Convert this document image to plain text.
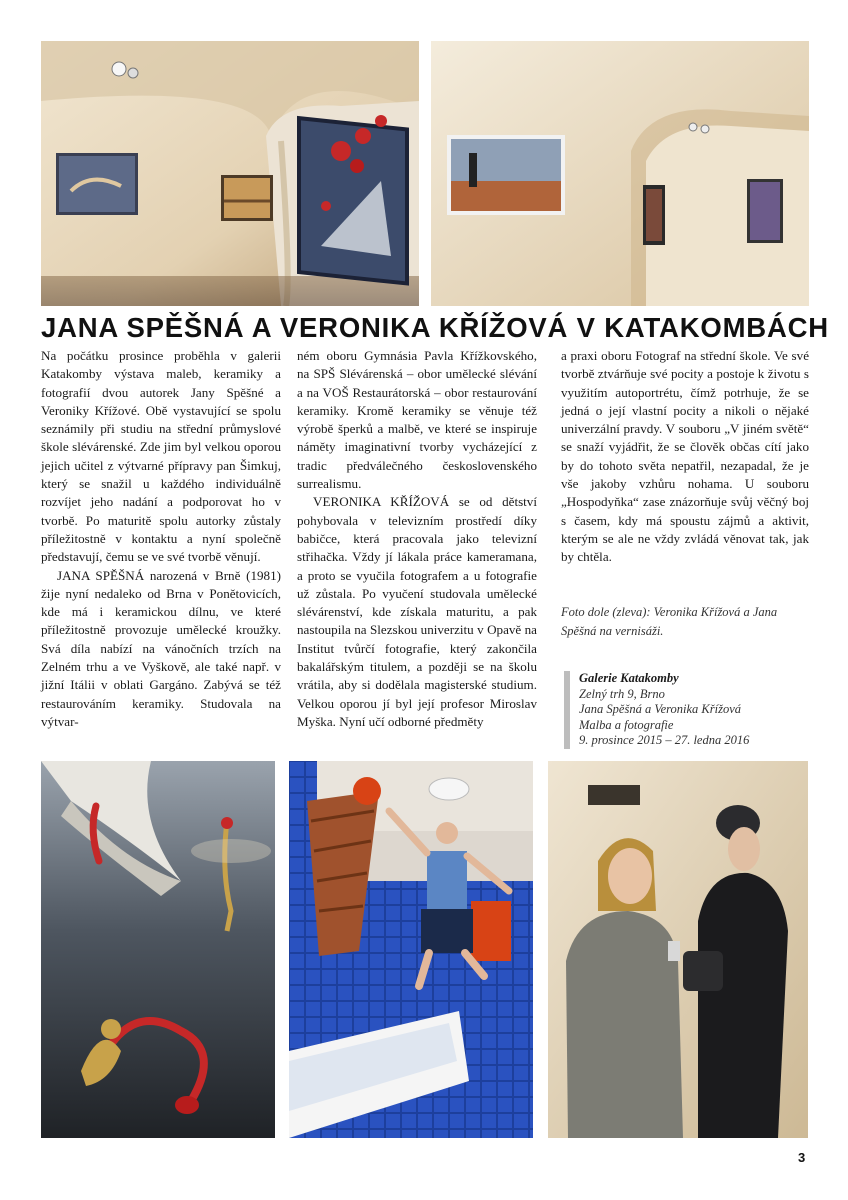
JANA SPĚŠNÁ A VERONIKA KŘÍŽOVÁ V KATAKOMBÁCH

Na počátku prosince proběhla v galerii Katakomby výstava maleb, keramiky a fotografií dvou autorek Jany Spěšné a Veroniky Křížové. Obě vystavující se spolu seznámily při studiu na střední průmyslové škole slévárenské. Zde jim byl velkou oporou jejich učitel z výtvarné přípravy pan Šimkuj, který se snažil u každého individuálně rozvíjet jeho nadání a podporovat ho v tvorbě. Po maturitě spolu autorky zůstaly příležitostně v kontaktu a nyní společně představují, čemu se ve své tvorbě věnují.

JANA SPĚŠNÁ narozená v Brně (1981) žije nyní nedaleko od Brna v Ponětovicích, kde má i keramickou dílnu, ve které příležitostně provozuje umělecké kroužky. Svá díla nabízí na vánočních trzích na Zelném trhu a ve Vyškově, ale také např. v jižní Itálii v oblati Gargáno. Zabývá se též restaurováním keramiky. Studovala na výtvar-

ném oboru Gymnásia Pavla Křížkovského, na SPŠ Slévárenská – obor umělecké slévání a na VOŠ Restaurátorská – obor restaurování keramiky. Kromě keramiky se věnuje též výrobě šperků a malbě, ve které se inspiruje náměty imaginativní tvorby vycházející z tradic předválečného československého surrealismu.

VERONIKA KŘÍŽOVÁ se od dětství pohybovala v televizním prostředí díky babičce, která pracovala jako televizní střihačka. Vždy jí lákala práce kameramana, a proto se vyučila fotografem a u fotografie už zůstala. Po vyučení studovala umělecké slévárenství, kde získala maturitu, a pak nastoupila na Slezskou univerzitu v Opavě na Institut tvůrčí fotografie, který zakončila bakalářským titulem, a později se na školu vrátila, aby si dodělala magisterské studium. Velkou oporou jí byl její profesor Miroslav Myška. Nyní učí odborné předměty

a praxi oboru Fotograf na střední škole. Ve své tvorbě ztvárňuje své pocity a postoje k životu s využitím autoportrétu, čímž potrhuje, že se jedná o její vlastní pocity a nikoli o nějaké univerzální pravdy. V souboru „V jiném světě“ se snaží vyjádřit, že se člověk občas cítí jako by do tohoto světa nepatřil, nezapadal, že je vše jakoby vzhůru nohama. U souboru „Hospodyňka“ zase znázorňuje svůj věčný boj s časem, kdy má spoustu zájmů a aktivit, kterým se ale ne vždy zvládá věnovat tak, jak by chtěla.

Foto dole (zleva): Veronika Křížová a Jana Spěšná na vernisáži.
Galerie Katakomby
Zelný trh 9, Brno
Jana Spěšná a Veronika Křížová
Malba a fotografie
9. prosince 2015 – 27. ledna 2016
3
